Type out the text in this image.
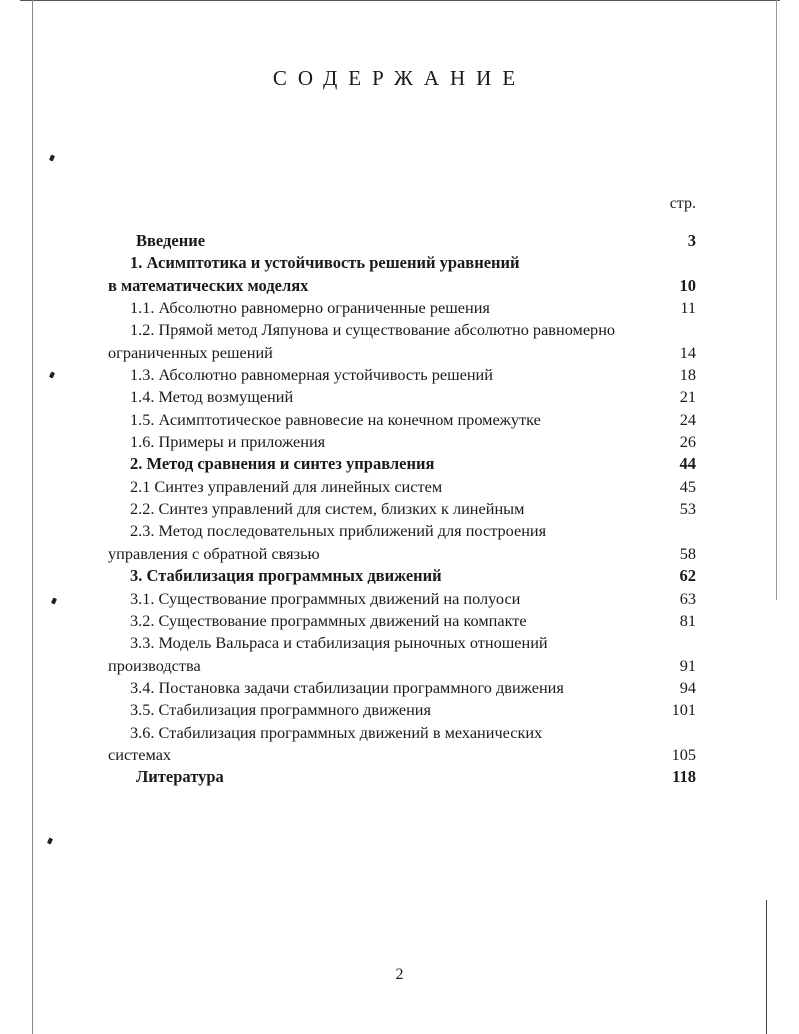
СОДЕРЖАНИЕ
стр.
Введение	3
1. Асимптотика и устойчивость решений уравнений
в математических моделях	10
1.1. Абсолютно равномерно ограниченные решения	11
1.2. Прямой метод Ляпунова и существование абсолютно равномерно
ограниченных решений	14
1.3. Абсолютно равномерная устойчивость решений	18
1.4. Метод возмущений	21
1.5. Асимптотическое равновесие на конечном промежутке	24
1.6. Примеры и приложения	26
2. Метод сравнения и синтез управления	44
2.1 Синтез управлений для линейных систем	45
2.2. Синтез управлений для систем, близких к линейным	53
2.3. Метод последовательных приближений для построения
управления с обратной связью	58
3. Стабилизация программных движений	62
3.1. Существование программных движений на полуоси	63
3.2. Существование программных движений на компакте	81
3.3. Модель Вальраса и стабилизация рыночных отношений
производства	91
3.4. Постановка задачи стабилизации программного движения	94
3.5. Стабилизация программного движения	101
3.6. Стабилизация программных движений в механических
системах	105
Литература	118
2
